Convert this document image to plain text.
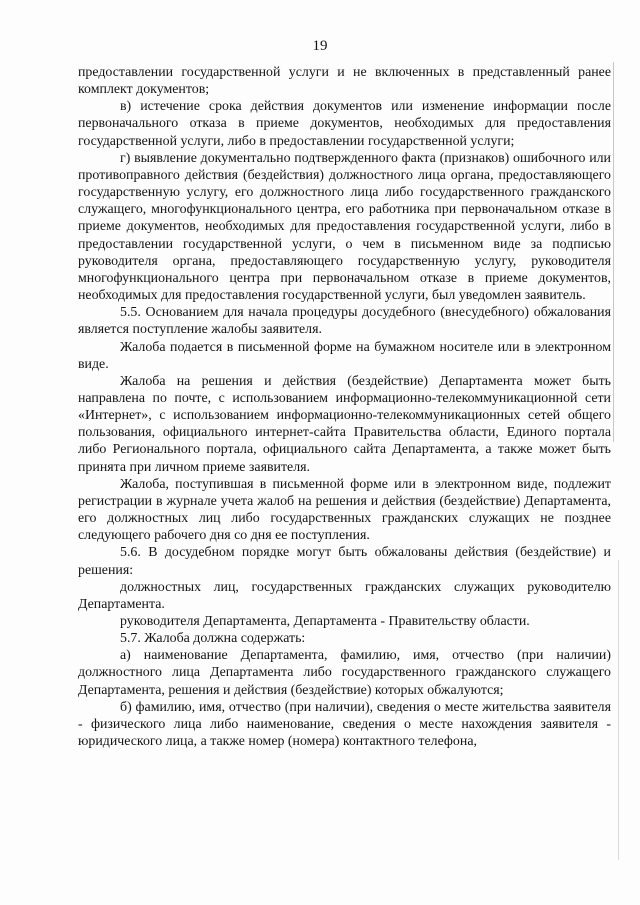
19

предоставлении государственной услуги и не включенных в представленный ранее комплект документов;

в) истечение срока действия документов или изменение информации после первоначального отказа в приеме документов, необходимых для предоставления государственной услуги, либо в предоставлении государственной услуги;

г) выявление документально подтвержденного факта (признаков) ошибочного или противоправного действия (бездействия) должностного лица органа, предоставляющего государственную услугу, его должностного лица либо государственного гражданского служащего, многофункционального центра, его работника при первоначальном отказе в приеме документов, необходимых для предоставления государственной услуги, либо в предоставлении государственной услуги, о чем в письменном виде за подписью руководителя органа, предоставляющего государственную услугу, руководителя многофункционального центра при первоначальном отказе в приеме документов, необходимых для предоставления государственной услуги, был уведомлен заявитель.

5.5. Основанием для начала процедуры досудебного (внесудебного) обжалования является поступление жалобы заявителя.

Жалоба подается в письменной форме на бумажном носителе или в электронном виде.

Жалоба на решения и действия (бездействие) Департамента может быть направлена по почте, с использованием информационно-телекоммуникационной сети «Интернет», с использованием информационно-телекоммуникационных сетей общего пользования, официального интернет-сайта Правительства области, Единого портала либо Регионального портала, официального сайта Департамента, а также может быть принята при личном приеме заявителя.

Жалоба, поступившая в письменной форме или в электронном виде, подлежит регистрации в журнале учета жалоб на решения и действия (бездействие) Департамента, его должностных лиц либо государственных гражданских служащих не позднее следующего рабочего дня со дня ее поступления.

5.6. В досудебном порядке могут быть обжалованы действия (бездействие) и решения:

должностных лиц, государственных гражданских служащих руководителю Департамента.

руководителя Департамента, Департамента - Правительству области.

5.7. Жалоба должна содержать:

а) наименование Департамента, фамилию, имя, отчество (при наличии) должностного лица Департамента либо государственного гражданского служащего Департамента, решения и действия (бездействие) которых обжалуются;

б) фамилию, имя, отчество (при наличии), сведения о месте жительства заявителя - физического лица либо наименование, сведения о месте нахождения заявителя - юридического лица, а также номер (номера) контактного телефона,
